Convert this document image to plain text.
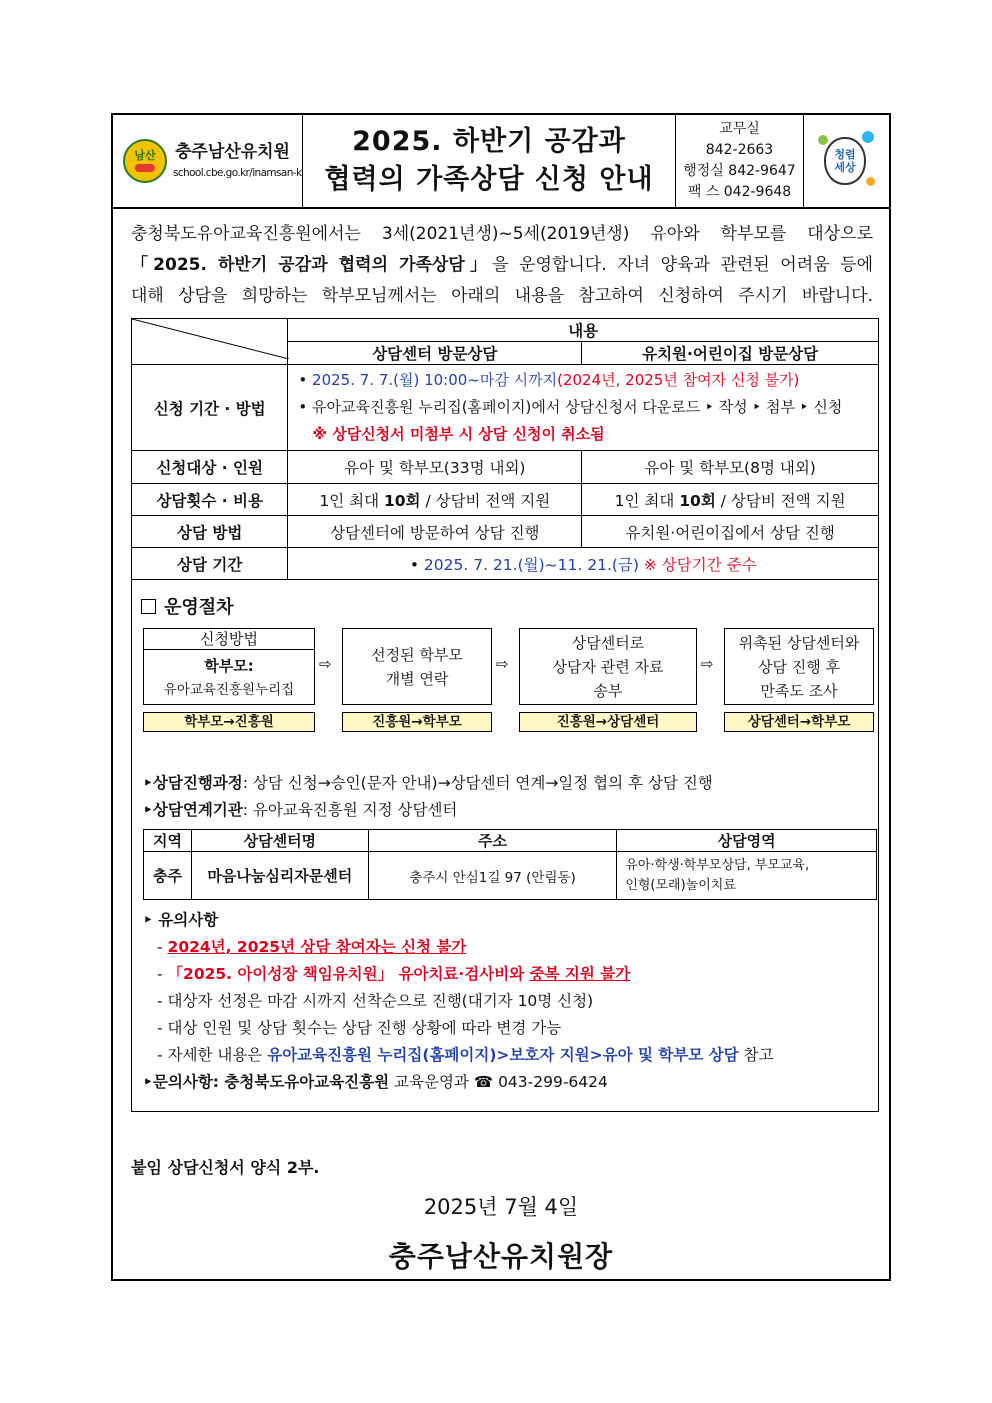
남산 충주남산유치원
school.cbe.go.kr/inamsan-k
2025. 하반기 공감과
협력의 가족상담 신청 안내
교무실
842-2663
행정실 842-9647
팩 스 042-9648
청렴
세상
충청북도유아교육진흥원에서는 3세(2021년생)~5세(2019년생) 유아와 학부모를 대상으로
「2025. 하반기 공감과 협력의 가족상담」을 운영합니다. 자녀 양육과 관련된 어려움 등에
대해 상담을 희망하는 학부모님께서는 아래의 내용을 참고하여 신청하여 주시기 바랍니다.
	내용	
	상담센터 방문상담	유치원·어린이집 방문상담
신청 기간 · 방법	• 2025. 7. 7.(월) 10:00~마감 시까지(2024년, 2025년 참여자 신청 불가)
• 유아교육진흥원 누리집(홈페이지)에서 상담신청서 다운로드 ‣ 작성 ‣ 첨부 ‣ 신청
※ 상담신청서 미첨부 시 상담 신청이 취소됨	

신청대상 · 인원	유아 및 학부모(33명 내외)	유아 및 학부모(8명 내외)
상담횟수 · 비용	1인 최대 10회 / 상담비 전액 지원	1인 최대 10회 / 상담비 전액 지원
상담 방법	상담센터에 방문하여 상담 진행	유치원·어린이집에서 상담 진행
상담 기간	• 2025. 7. 21.(월)~11. 21.(금) ※ 상담기간 준수	
운영절차
신청방법
학부모:
유아교육진흥원누리집
⇨
선정된 학부모
개별 연락
⇨
상담센터로
상담자 관련 자료
송부
⇨
위촉된 상담센터와
상담 진행 후
만족도 조사
학부모→진흥원	진흥원→학부모	진흥원→상담센터	상담센터→학부모
‣상담진행과정: 상담 신청→승인(문자 안내)→상담센터 연계→일정 협의 후 상담 진행
‣상담연계기관: 유아교육진흥원 지정 상담센터
지역	상담센터명	주소	상담영역
충주	마음나눔심리자문센터	충주시 안심1길 97 (안림동)	유아·학생·학부모상담, 부모교육,
인형(모래)놀이치료
‣ 유의사항
- 2024년, 2025년 상담 참여자는 신청 불가
- 「2025. 아이성장 책임유치원」 유아치료·검사비와 중복 지원 불가
- 대상자 선정은 마감 시까지 선착순으로 진행(대기자 10명 신청)
- 대상 인원 및 상담 횟수는 상담 진행 상황에 따라 변경 가능
- 자세한 내용은 유아교육진흥원 누리집(홈페이지)>보호자 지원>유아 및 학부모 상담 참고
‣문의사항: 충청북도유아교육진흥원 교육운영과 ☎ 043-299-6424
붙임 상담신청서 양식 2부.
2025년 7월 4일
충주남산유치원장
